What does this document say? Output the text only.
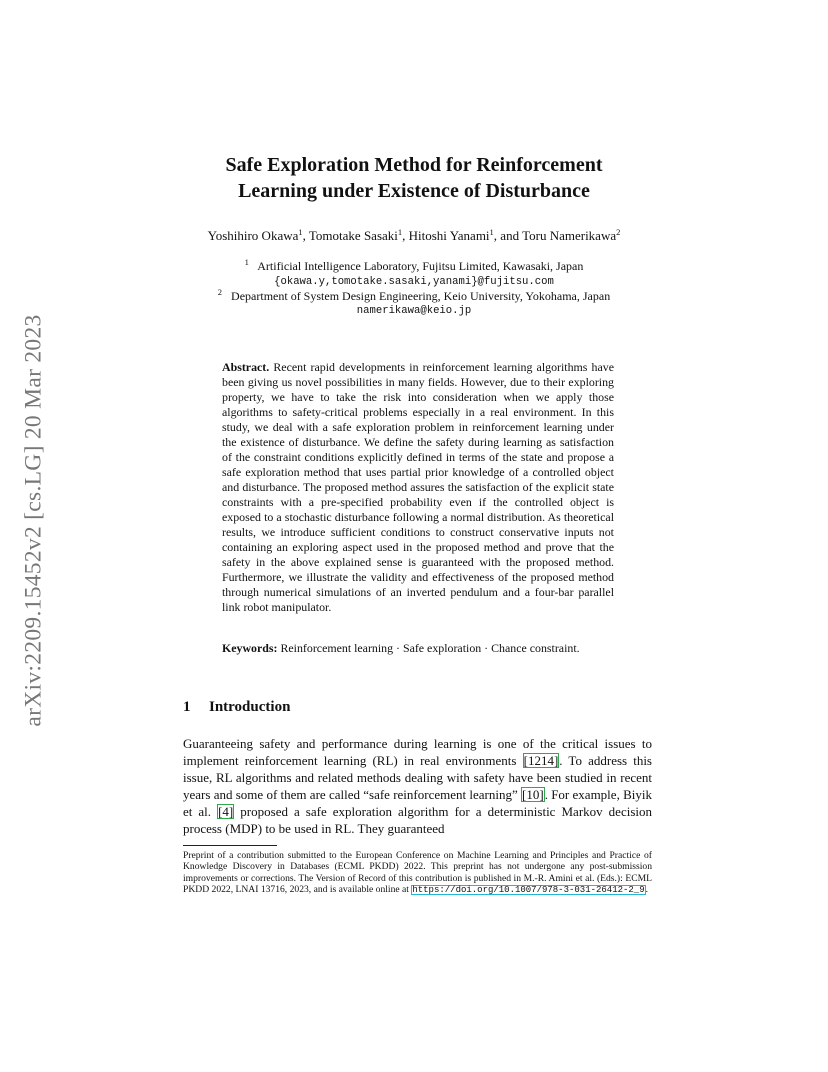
arXiv:2209.15452v2 [cs.LG] 20 Mar 2023
Safe Exploration Method for Reinforcement
Learning under Existence of Disturbance
Yoshihiro Okawa$^1$, Tomotake Sasaki$^1$, Hitoshi Yanami$^1$, and Toru Namerikawa$^2$
$^1$ Artificial Intelligence Laboratory, Fujitsu Limited, Kawasaki, Japan
{okawa.y,tomotake.sasaki,yanami}@fujitsu.com
$^2$ Department of System Design Engineering, Keio University, Yokohama, Japan
namerikawa@keio.jp
Abstract. Recent rapid developments in reinforcement learning algorithms have been giving us novel possibilities in many fields. However, due to their exploring property, we have to take the risk into consideration when we apply those algorithms to safety-critical problems especially in a real environment. In this study, we deal with a safe exploration problem in reinforcement learning under the existence of disturbance. We define the safety during learning as satisfaction of the constraint conditions explicitly defined in terms of the state and propose a safe exploration method that uses partial prior knowledge of a controlled object and disturbance. The proposed method assures the satisfaction of the explicit state constraints with a pre-specified probability even if the controlled object is exposed to a stochastic disturbance following a normal distribution. As theoretical results, we introduce sufficient conditions to construct conservative inputs not containing an exploring aspect used in the proposed method and prove that the safety in the above explained sense is guaranteed with the proposed method. Furthermore, we illustrate the validity and effectiveness of the proposed method through numerical simulations of an inverted pendulum and a four-bar parallel link robot manipulator.
Keywords: Reinforcement learning · Safe exploration · Chance constraint.
1 Introduction
Guaranteeing safety and performance during learning is one of the critical issues to implement reinforcement learning (RL) in real environments [1214]. To address this issue, RL algorithms and related methods dealing with safety have been studied in recent years and some of them are called “safe reinforcement learning” [10]. For example, Biyik et al. [4] proposed a safe exploration algorithm for a deterministic Markov decision process (MDP) to be used in RL. They guaranteed
Preprint of a contribution submitted to the European Conference on Machine Learning and Principles and Practice of Knowledge Discovery in Databases (ECML PKDD) 2022. This preprint has not undergone any post-submission improvements or corrections. The Version of Record of this contribution is published in M.-R. Amini et al. (Eds.): ECML PKDD 2022, LNAI 13716, 2023, and is available online at https://doi.org/10.1007/978-3-031-26412-2_9.
